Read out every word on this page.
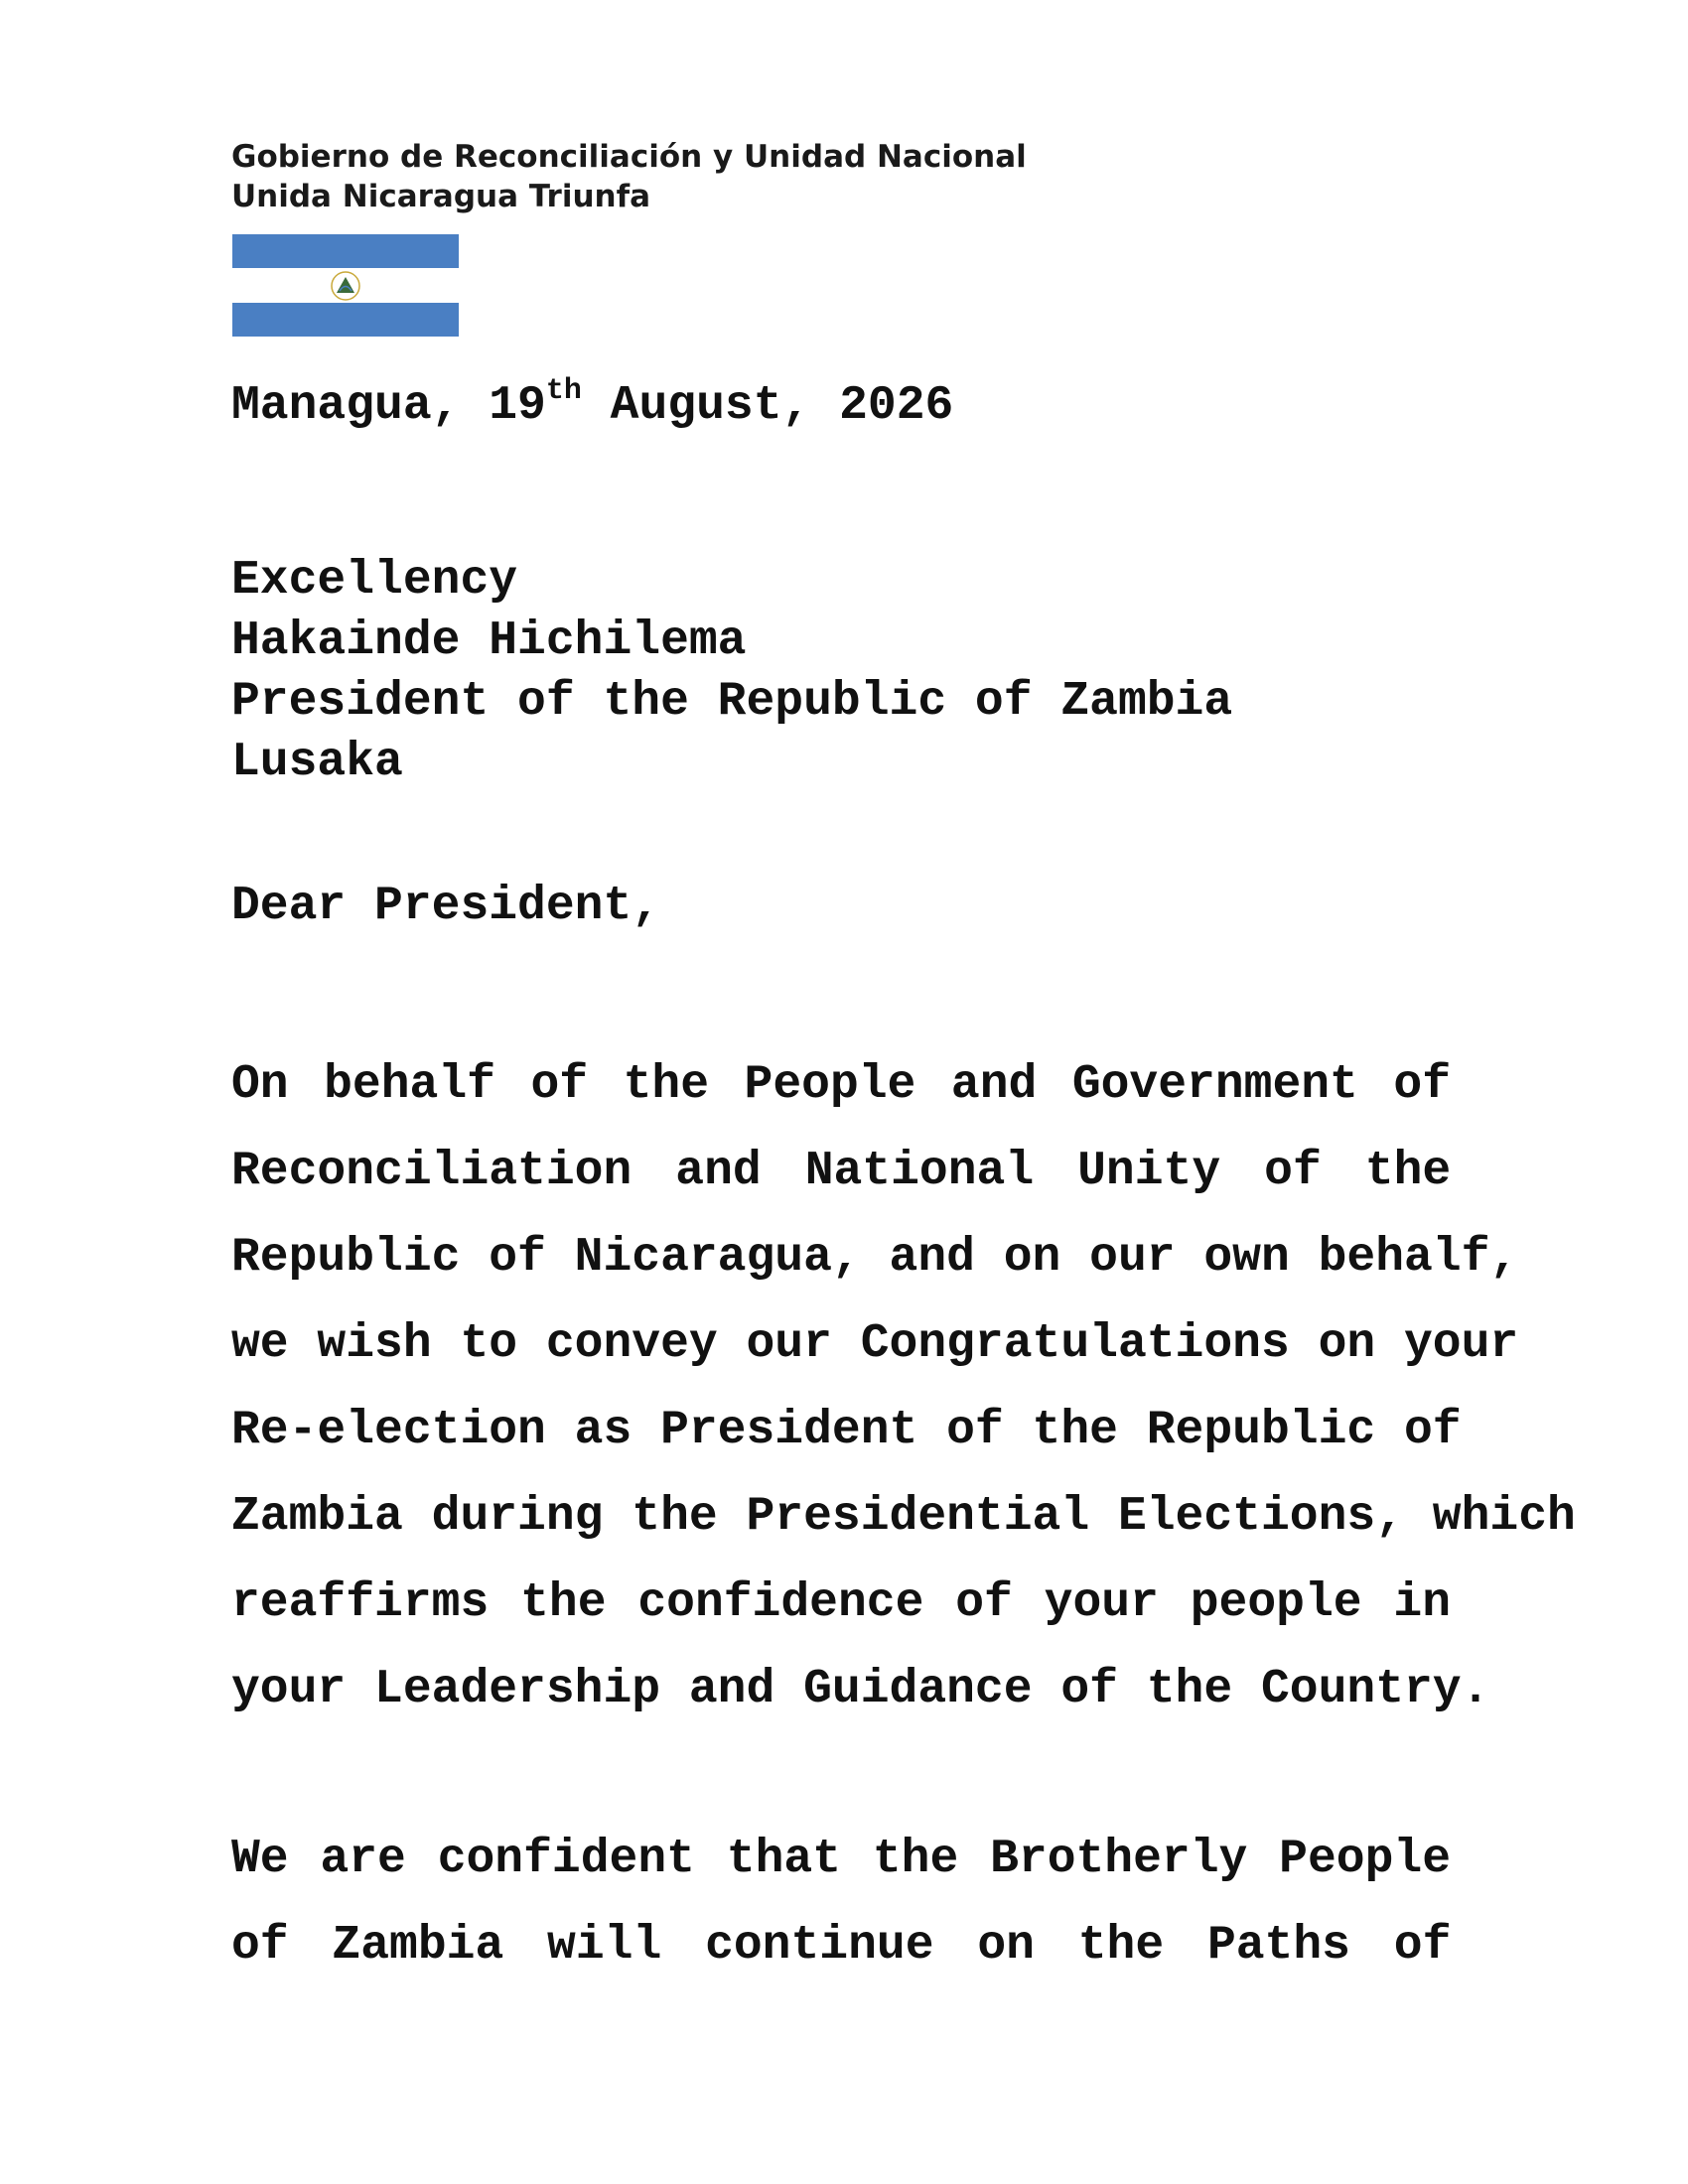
Gobierno de Reconciliación y Unidad Nacional
Unida Nicaragua Triunfa
Managua, 19th August, 2026
Excellency
Hakainde Hichilema
President of the Republic of Zambia
Lusaka
Dear President,
On behalf of the People and Government of
Reconciliation and National Unity of the
Republic of Nicaragua, and on our own behalf,
we wish to convey our Congratulations on your
Re-election as President of the Republic of
Zambia during the Presidential Elections, which
reaffirms the confidence of your people in
your Leadership and Guidance of the Country.
We are confident that the Brotherly People
of Zambia will continue on the Paths of
